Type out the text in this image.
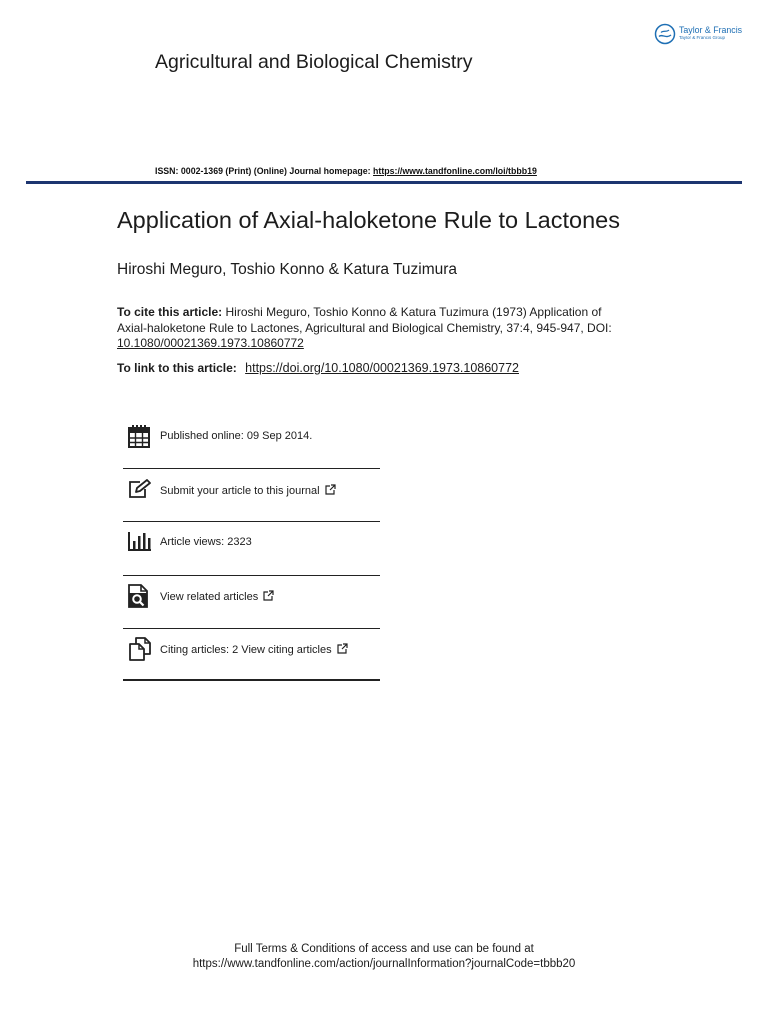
Taylor & Francis
Taylor & Francis Group
Agricultural and Biological Chemistry
ISSN: 0002-1369 (Print) (Online) Journal homepage: https://www.tandfonline.com/loi/tbbb19
Application of Axial-haloketone Rule to Lactones
Hiroshi Meguro, Toshio Konno & Katura Tuzimura
To cite this article: Hiroshi Meguro, Toshio Konno & Katura Tuzimura (1973) Application of
Axial-haloketone Rule to Lactones, Agricultural and Biological Chemistry, 37:4, 945-947, DOI:
10.1080/00021369.1973.10860772
To link to this article: https://doi.org/10.1080/00021369.1973.10860772
Published online: 09 Sep 2014.
Submit your article to this journal
Article views: 2323
View related articles
Citing articles: 2 View citing articles
Full Terms & Conditions of access and use can be found at
https://www.tandfonline.com/action/journalInformation?journalCode=tbbb20
